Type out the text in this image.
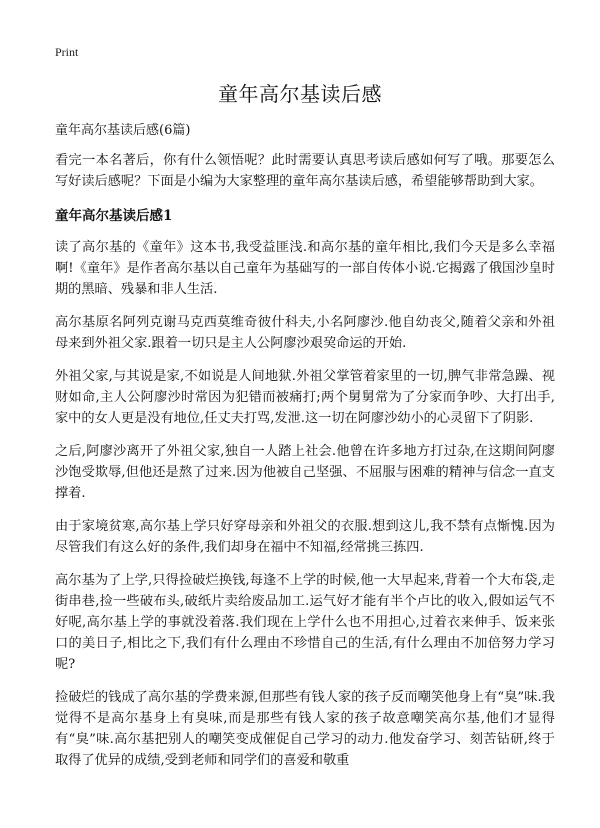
Print
童年高尔基读后感

童年高尔基读后感(6篇)

看完一本名著后，你有什么领悟呢？此时需要认真思考读后感如何写了哦。那要怎么写好读后感呢？下面是小编为大家整理的童年高尔基读后感，希望能够帮助到大家。

童年高尔基读后感1

读了高尔基的《童年》这本书,我受益匪浅.和高尔基的童年相比,我们今天是多么幸福啊!《童年》是作者高尔基以自己童年为基础写的一部自传体小说.它揭露了俄国沙皇时期的黑暗、残暴和非人生活.

高尔基原名阿列克谢马克西莫维奇彼什科夫,小名阿廖沙.他自幼丧父,随着父亲和外祖母来到外祖父家.跟着一切只是主人公阿廖沙艰巭命运的开始.

外祖父家,与其说是家,不如说是人间地狱.外祖父掌管着家里的一切,脾气非常急躁、视财如命,主人公阿廖沙时常因为犯错而被痛打;两个舅舅常为了分家而争吵、大打出手,家中的女人更是没有地位,任丈夫打骂,发泄.这一切在阿廖沙幼小的心灵留下了阴影.

之后,阿廖沙离开了外祖父家,独自一人踏上社会.他曾在许多地方打过杂,在这期间阿廖沙饱受欺辱,但他还是熬了过来.因为他被自己坚强、不屈服与困难的精神与信念一直支撑着.

由于家境贫寒,高尔基上学只好穿母亲和外祖父的衣服.想到这儿,我不禁有点惭愧.因为尽管我们有这么好的条件,我们却身在福中不知福,经常挑三拣四.

高尔基为了上学,只得捡破烂换钱,每逢不上学的时候,他一大早起来,背着一个大布袋,走街串巷,捡一些破布头,破纸片卖给废品加工.运气好才能有半个卢比的收入,假如运气不好呢,高尔基上学的事就没着落.我们现在上学什么也不用担心,过着衣来伸手、饭来张口的美日子,相比之下,我们有什么理由不珍惜自己的生活,有什么理由不加倍努力学习呢?

捡破烂的钱成了高尔基的学费来源,但那些有钱人家的孩子反而嘲笑他身上有“臭”味.我觉得不是高尔基身上有臭味,而是那些有钱人家的孩子故意嘲笑高尔基,他们才显得有“臭”味.高尔基把别人的嘲笑变成催促自己学习的动力.他发奋学习、刻苦钻研,终于取得了优异的成绩,受到老师和同学们的喜爱和敬重
